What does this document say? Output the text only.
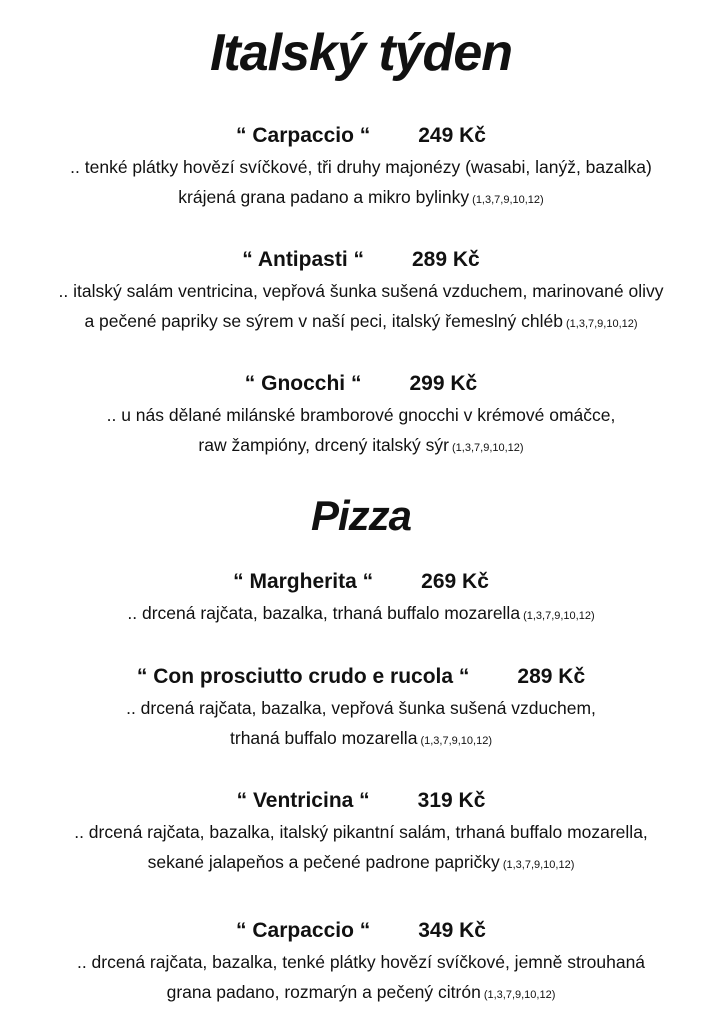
Italský týden
“ Carpaccio “ 249 Kč
.. tenké plátky hovězí svíčkové, tři druhy majonézy (wasabi, lanýž, bazalka)
krájená grana padano a mikro bylinky (1,3,7,9,10,12)
“ Antipasti “ 289 Kč
.. italský salám ventricina, vepřová šunka sušená vzduchem, marinované olivy
a pečené papriky se sýrem v naší peci, italský řemeslný chléb (1,3,7,9,10,12)
“ Gnocchi “ 299 Kč
.. u nás dělané milánské bramborové gnocchi v krémové omáčce,
raw žampióny, drcený italský sýr (1,3,7,9,10,12)
Pizza
“ Margherita “ 269 Kč
.. drcená rajčata, bazalka, trhaná buffalo mozarella (1,3,7,9,10,12)
“ Con prosciutto crudo e rucola “ 289 Kč
.. drcená rajčata, bazalka, vepřová šunka sušená vzduchem,
trhaná buffalo mozarella (1,3,7,9,10,12)
“ Ventricina “ 319 Kč
.. drcená rajčata, bazalka, italský pikantní salám, trhaná buffalo mozarella,
sekané jalapeňos a pečené padrone papričky (1,3,7,9,10,12)
“ Carpaccio “ 349 Kč
.. drcená rajčata, bazalka, tenké plátky hovězí svíčkové, jemně strouhaná
grana padano, rozmarýn a pečený citrón (1,3,7,9,10,12)
